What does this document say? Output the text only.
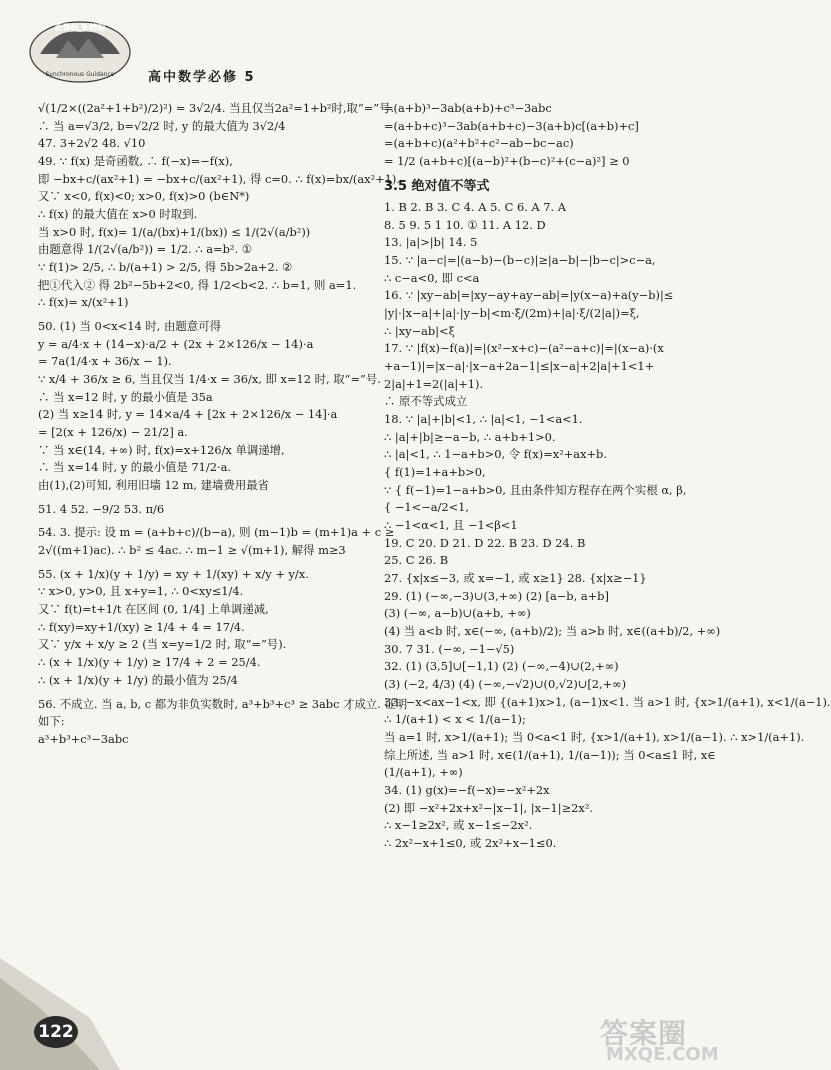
Synchronous Guidance
新课标 新精编
高中数学必修 5
√(1/2×((2a²+1+b²)/2)²) = 3√2/4. 当且仅当2a²=1+b²时,取“=”号.
∴ 当 a=√3/2, b=√2/2 时, y 的最大值为 3√2/4
47. 3+2√2 48. √10
49. ∵ f(x) 是奇函数, ∴ f(−x)=−f(x),
即 −bx+c/(ax²+1) = −bx+c/(ax²+1), 得 c=0. ∴ f(x)=bx/(ax²+1).
又∵ x<0, f(x)<0; x>0, f(x)>0 (b∈N*)
∴ f(x) 的最大值在 x>0 时取到.
当 x>0 时, f(x)= 1/(a/(bx)+1/(bx)) ≤ 1/(2√(a/b²))
由题意得 1/(2√(a/b²)) = 1/2. ∴ a=b². ①
∵ f(1)> 2/5, ∴ b/(a+1) > 2/5, 得 5b>2a+2. ②
把①代入② 得 2b²−5b+2<0, 得 1/2<b<2. ∴ b=1, 则 a=1.
∴ f(x)= x/(x²+1)
50. (1) 当 0<x<14 时, 由题意可得
y = a/4·x + (14−x)·a/2 + (2x + 2×126/x − 14)·a
= 7a(1/4·x + 36/x − 1).
∵ x/4 + 36/x ≥ 6, 当且仅当 1/4·x = 36/x, 即 x=12 时, 取“=”号.
∴ 当 x=12 时, y 的最小值是 35a
(2) 当 x≥14 时, y = 14×a/4 + [2x + 2×126/x − 14]·a
= [2(x + 126/x) − 21/2] a.
∵ 当 x∈(14, +∞) 时, f(x)=x+126/x 单调递增,
∴ 当 x=14 时, y 的最小值是 71/2·a.
由(1),(2)可知, 利用旧墙 12 m, 建墙费用最省
51. 4 52. −9/2 53. π/6
54. 3. 提示: 设 m = (a+b+c)/(b−a), 则 (m−1)b = (m+1)a + c ≥
2√((m+1)ac). ∴ b² ≤ 4ac. ∴ m−1 ≥ √(m+1), 解得 m≥3
55. (x + 1/x)(y + 1/y) = xy + 1/(xy) + x/y + y/x.
∵ x>0, y>0, 且 x+y=1, ∴ 0<xy≤1/4.
又∵ f(t)=t+1/t 在区间 (0, 1/4] 上单调递减,
∴ f(xy)=xy+1/(xy) ≥ 1/4 + 4 = 17/4.
又∵ y/x + x/y ≥ 2 (当 x=y=1/2 时, 取“=”号).
∴ (x + 1/x)(y + 1/y) ≥ 17/4 + 2 = 25/4.
∴ (x + 1/x)(y + 1/y) 的最小值为 25/4
56. 不成立. 当 a, b, c 都为非负实数时, a³+b³+c³ ≥ 3abc 才成立. 证明
如下:
a³+b³+c³−3abc
=(a+b)³−3ab(a+b)+c³−3abc
=(a+b+c)³−3ab(a+b+c)−3(a+b)c[(a+b)+c]
=(a+b+c)(a²+b²+c²−ab−bc−ac)
= 1/2 (a+b+c)[(a−b)²+(b−c)²+(c−a)²] ≥ 0
3.5 绝对值不等式
1. B 2. B 3. C 4. A 5. C 6. A 7. A
8. 5 9. 5 1 10. ① 11. A 12. D
13. |a|>|b| 14. 5
15. ∵ |a−c|=|(a−b)−(b−c)|≥|a−b|−|b−c|>c−a,
∴ c−a<0, 即 c<a
16. ∵ |xy−ab|=|xy−ay+ay−ab|=|y(x−a)+a(y−b)|≤
|y|·|x−a|+|a|·|y−b|<m·ξ/(2m)+|a|·ξ/(2|a|)=ξ,
∴ |xy−ab|<ξ
17. ∵ |f(x)−f(a)|=|(x²−x+c)−(a²−a+c)|=|(x−a)·(x
+a−1)|=|x−a|·|x−a+2a−1|≤|x−a|+2|a|+1<1+
2|a|+1=2(|a|+1).
∴ 原不等式成立
18. ∵ |a|+|b|<1, ∴ |a|<1, −1<a<1.
∴ |a|+|b|≥−a−b, ∴ a+b+1>0.
∴ |a|<1, ∴ 1−a+b>0, 令 f(x)=x²+ax+b.
{ f(1)=1+a+b>0,
∵ { f(−1)=1−a+b>0, 且由条件知方程存在两个实根 α, β,
{ −1<−a/2<1,
∴ −1<α<1, 且 −1<β<1
19. C 20. D 21. D 22. B 23. D 24. B
25. C 26. B
27. {x|x≤−3, 或 x=−1, 或 x≥1} 28. {x|x≥−1}
29. (1) (−∞,−3)∪(3,+∞) (2) [a−b, a+b]
(3) (−∞, a−b)∪(a+b, +∞)
(4) 当 a<b 时, x∈(−∞, (a+b)/2); 当 a>b 时, x∈((a+b)/2, +∞)
30. 7 31. (−∞, −1−√5)
32. (1) (3,5]∪[−1,1) (2) (−∞,−4)∪(2,+∞)
(3) (−2, 4/3) (4) (−∞,−√2)∪(0,√2)∪[2,+∞)
33. −x<ax−1<x, 即 {(a+1)x>1, (a−1)x<1. 当 a>1 时, {x>1/(a+1), x<1/(a−1).
∴ 1/(a+1) < x < 1/(a−1);
当 a=1 时, x>1/(a+1); 当 0<a<1 时, {x>1/(a+1), x>1/(a−1). ∴ x>1/(a+1).
综上所述, 当 a>1 时, x∈(1/(a+1), 1/(a−1)); 当 0<a≤1 时, x∈
(1/(a+1), +∞)
34. (1) g(x)=−f(−x)=−x²+2x
(2) 即 −x²+2x+x²−|x−1|, |x−1|≥2x².
∴ x−1≥2x², 或 x−1≤−2x².
∴ 2x²−x+1≤0, 或 2x²+x−1≤0.
122	答案圈
MXQE.COM
